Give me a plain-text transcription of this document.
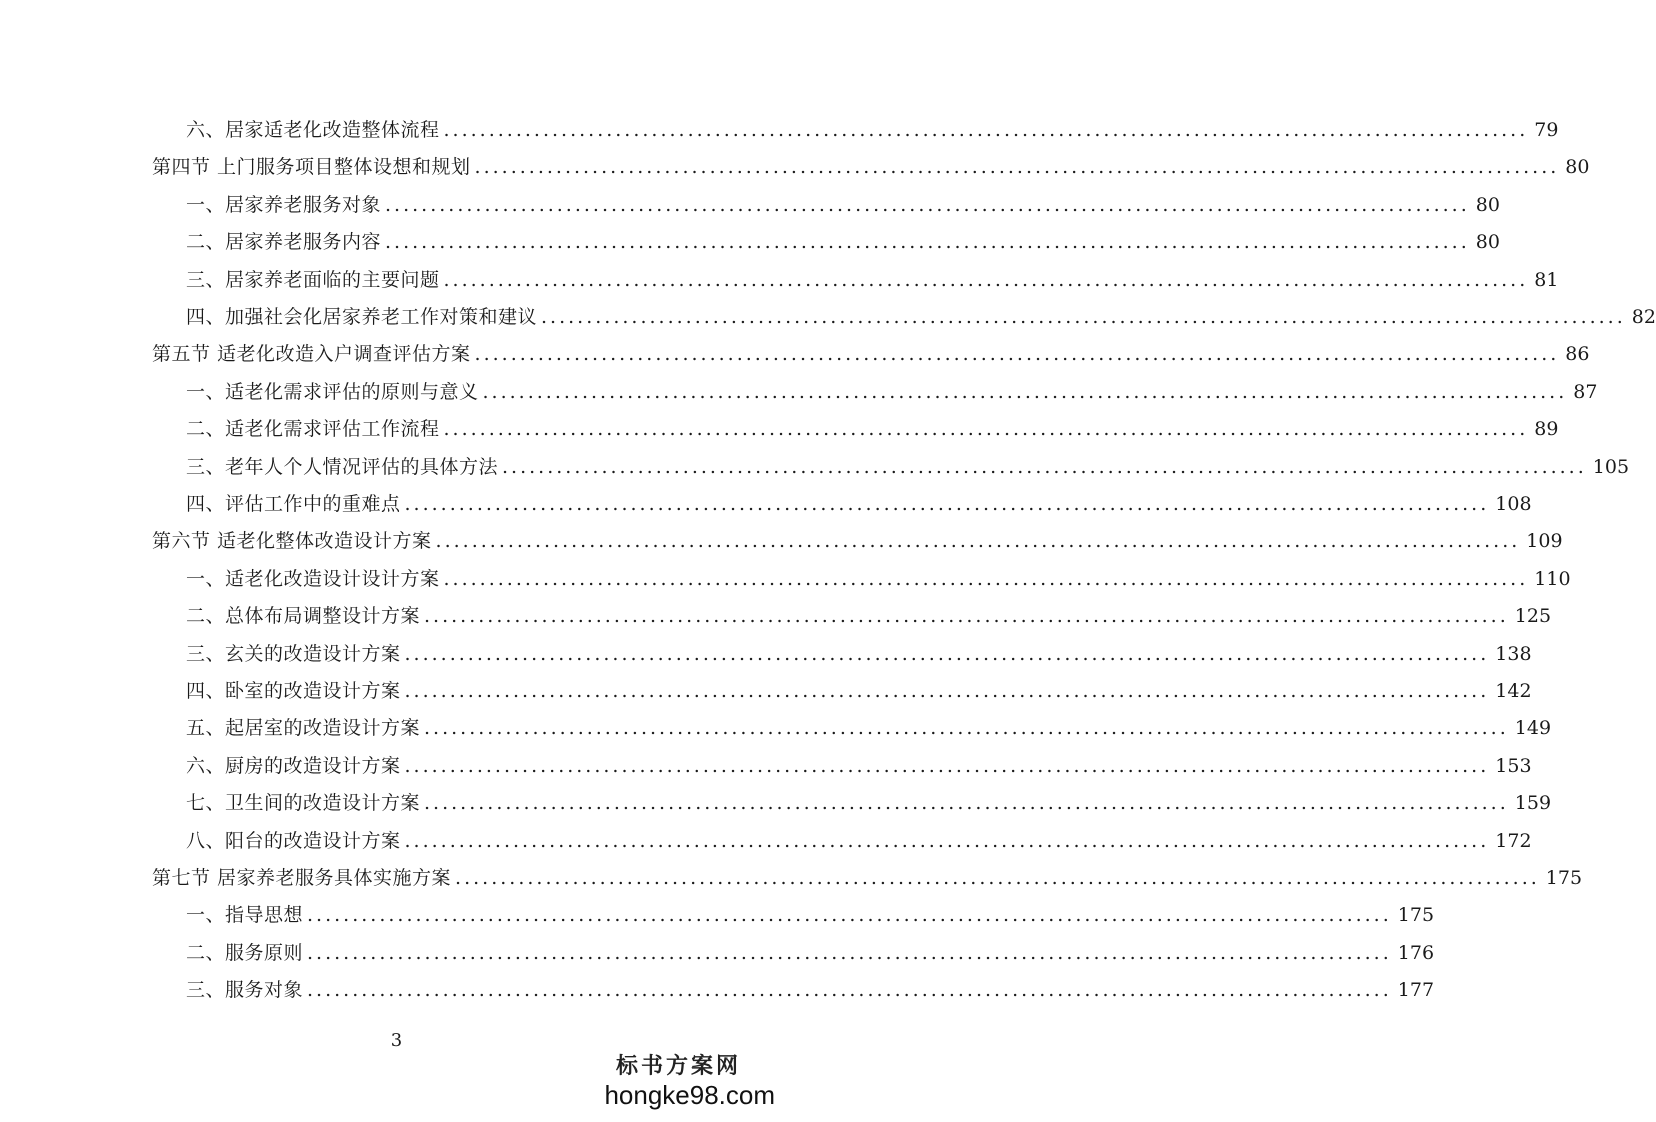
六、居家适老化改造整体流程 ........................................................................................................................ 79
第四节 上门服务项目整体设想和规划 ........................................................................................................................ 80
一、居家养老服务对象 ........................................................................................................................ 80
二、居家养老服务内容 ........................................................................................................................ 80
三、居家养老面临的主要问题 ........................................................................................................................ 81
四、加强社会化居家养老工作对策和建议 ........................................................................................................................ 82
第五节 适老化改造入户调查评估方案 ........................................................................................................................ 86
一、适老化需求评估的原则与意义 ........................................................................................................................ 87
二、适老化需求评估工作流程 ........................................................................................................................ 89
三、老年人个人情况评估的具体方法 ........................................................................................................................ 105
四、评估工作中的重难点 ........................................................................................................................ 108
第六节 适老化整体改造设计方案 ........................................................................................................................ 109
一、适老化改造设计设计方案 ........................................................................................................................ 110
二、总体布局调整设计方案 ........................................................................................................................ 125
三、玄关的改造设计方案 ........................................................................................................................ 138
四、卧室的改造设计方案 ........................................................................................................................ 142
五、起居室的改造设计方案 ........................................................................................................................ 149
六、厨房的改造设计方案 ........................................................................................................................ 153
七、卫生间的改造设计方案 ........................................................................................................................ 159
八、阳台的改造设计方案 ........................................................................................................................ 172
第七节 居家养老服务具体实施方案 ........................................................................................................................ 175
一、指导思想 ........................................................................................................................ 175
二、服务原则 ........................................................................................................................ 176
三、服务对象 ........................................................................................................................ 177
3
标书方案网
hongke98.com
